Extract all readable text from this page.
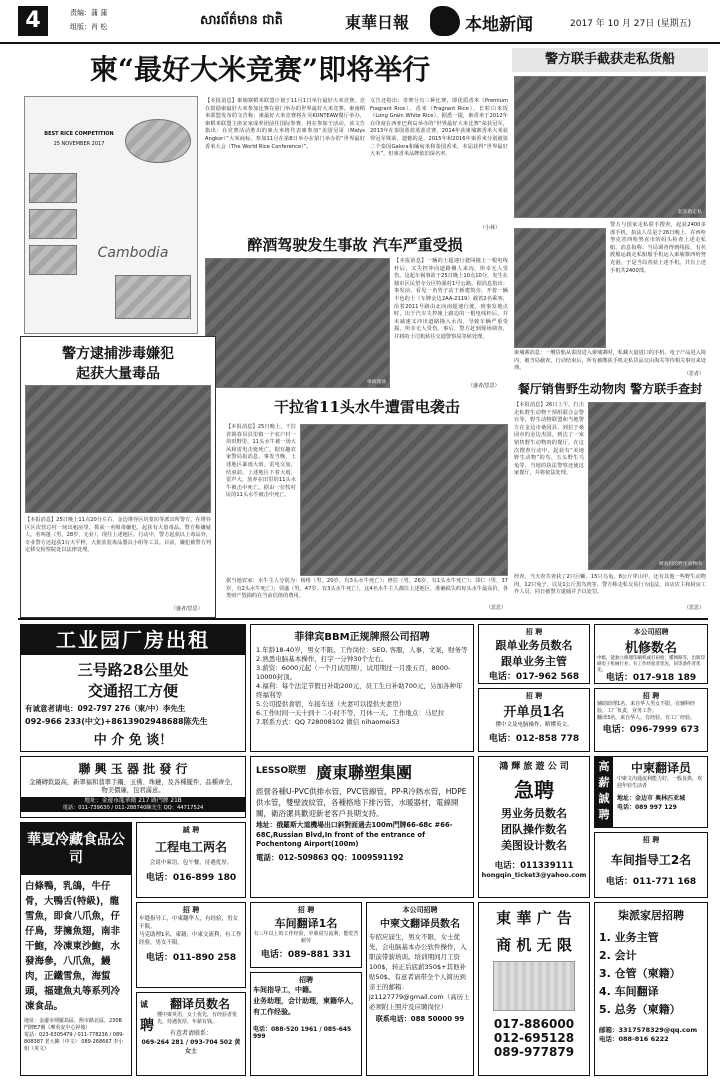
4	责编：蒲 蒲
组版：肖 松	សារព័ត៌មាន ជាតិ	東華日報	本地新闻	2017 年 10 月 27日 (星期五)
柬“最好大米竞赛”即将举行
BEST RICE COMPETITION
25 NOVEMBER 2017
Cambodia
【本报消息】柬埔寨稻米联盟计划于11月1日举行最好大米竞赛。竞在鼓励柬最好大米参加比赛在第门举办的世界最好大米竞赛。柬南稻米联盟发布的文告称：柬最好大米竞赛将在吴KUNTEAW餐厅举办，柬稻米联盟主席宋家成率团前往国际参赛，将在参加于活动。该文告指出：在竞赛活动胜出的柬大米将代表柬参加“美国吴哥（Malys Angkor）”大米商标，参加11月在第8日举办在第门举办的“世界最好香米大会（The World Rice Conference）”。
文告还指出：奇赛分有三种比赛，即优质香米（Premium Fragrant Rice）、香米（Fragrant Rice）、长粒白米饭（Long Grain White Rice）。据悉一提，柬香米于2012年在印度在西亚巴利岛举办的“世界最好大米比赛”荣获冠军，2013年在泰国蓝蓝蓝蓝竞赛，2014年获柬埔寨香米大米获得冠军殊荣。遗憾的是，2015年和2016年柬香米分别被第二个泰国Galora和缅甸米和泰国香米，本届获得“世界最好大米”，但柬香米品牌依旧深名率。
（小林）
醉酒驾驶发生事故 汽车严重受损
事故现场
【本报消息】一辆的士超速行驶闯撞上一根电线杆后，又失控冲向道路侧人来沟，所幸无人受伤。这起车祸事故于25日晚上10点10分，发生在独市区民望寺分区特强村1号公路。据消息指出：事发前，看见一名男子站于新建筑旁，开着一辆丰色的士（车牌金边2AA-2119）载着2名乘客，沿着2011号路由北向南超速行驶，到事发地点时，出于汽车失控撞上路边的一根电线杆后，并未减速又冲出道路撞入水沟，导致车辆严重受损，所幸无人受伤。事后，警方赶到现场调查，并将的士司机转往交通警察局等候处理。
（盛者/思思）
警方联手截获走私货船
起获的走私
警方与国家走私联手搜查，起获2400多部手机。执法人员是于26日晚上，在西哈努克省西哈努克市的码头检查上述走私船。消息指称：当局调查得到线报，有名渡船运载走私船船手机运入柬埔寨西哈努克港，于是当局查获上述手机。共有上述手机共2400部。
柬埔寨消息：一艘货船从泰国进入柬埔寨时，私藏大量进口的手机、电子产品进入境内，被当局截查。行动结束后，所有被缴获手机走私货品交由海关等待相关事宜来处理。
（思者）
警方逮捕涉毒嫌犯
起获大量毒品
【本报消息】25日晚上11点20分左右，金边堆谷区坊蒙坊等派出所警方，在堆谷区区次营总村一间出租房里，抓获一名吸毒嫌犯，起获有大量毒品。警方称嫌疑人，名叫蓬（男，28岁，无业），现住上述地区。行动中，警方起获以上毒品外，专业警方还起获1台天平秤，大批装装毒品器具小组等工具。目前，嫌犯被警方判定移交检察院处以法律处理。
（盛者/思思）
干拉省11头水牛遭雷电袭击
【本报消息】25日晚上，干拉省锡春县县里镇一个农户村一块田野里，11头水牛被一场大风和雷电击毙死亡。据有趣农家警局报消息，事发当晚，上述地区暴雨大雨，雷电交加，结束前，上述地区下着大雨，雷声大，放养在田里的11头水牛被击中死亡。据由一位牧村民的11头水牛被击中死亡。
据当地农家：水牛主人分别为：杨格（男，20岁，有3头水牛死亡）；修拉（男，26岁，有1头水牛死亡）；邻仁（男，37岁，有2头水牛死亡）；邻盛（男，47岁，有3头水牛死亡），这4名水牛主人都住上述地区，准确损失约每头水牛最高价，各类财产毁损约在当前估值的费用。
（思思）
餐厅销售野生动物肉 警方联手查封
【本报消息】26日上午，打击走私野生动物干预组联合会警官等，野生动物联盟和当地警方在金边市桑园县，到拉于桑园市的金边杰国，到达了一家销售野生动物肉的餐厅。在这次搜查行动中，起获有“美地野生动物”的鸟、五头野生乌龟等，当地的执法警察还使这家餐厅，并将依法处理。
被查封的野生动物肉
经查，当天查共查获了2只巨蜥，15只乌龟，8公斤穿山甲，还有其他一些野生动物肉，12只兔子，以及1公斤黑鸟肉等。警方称走私交易行为违法，该店店主和厨房工作人员，同日被警方逮捕并予以处罚。
（思思）
工业园厂房出租
三号路28公里处
交通招工方便
有诚意者请电：092-797 276（柬/中）李先生
092-966 233(中文)+8613902948688陈先生
中 介 免 谈！
菲律宾BBM正规牌照公司招聘
1.年龄18-40岁，男女不限。工作岗位：SEO, 客服，人事，文案，财务等
2.熟悉电脑基本操作，打字一分钟30个左右。
3.薪资：6000元起（一个月试用期），试用期过一月涨五百，8000-10000封顶。
4.福利：每个法定节假日补助200元，员工生日补助700元，另加各种年终福利等
5.公司提供食宿，车接车送（夫妻可以提供夫妻房）
6.工作时间一天十到十二小时不等，月休一天。工作地点：马尼拉
7.联系方式：QQ 728008102 微信 nihaomei53
招 聘
跟单业务员数名
跟单业务主管
电话：017-962 568
本公司招聘
机修数名
中级，能独立修理印刷机或打码枪，懂网路等，出版印刷电子机械行业，有工作经验者优先，同等条件者优先。
电话：017-918 189
招 聘
开单员1名
懂中文及电脑操作，略懂英文。
电话：012-858 778
招 聘
辅助助理1名，来自华人男女不限，有辅料经验，工厂负责，业务工作。
翻译3名，来自华人，有经验、有工厂经验。
电话：096-7999 673
聯 興 玉 器 批 發 行
金鑲磚欽最高，新翠福和翡翠手鐲、玉佛、珠鏈，及各種擺件，品種齊全，物美價廉，包君滿意。
地址：金邊市龍華衛 217 路門牌 21B
電話：011-739630 / 011-288740陳先生 QQ：44717524
LESSO联塑 廣東聯塑集團
經營各種U-PVC供排水管，PVC管線管，PP-R冷熱水管，HDPE供水管，雙壁波紋管，各種格地下排污管，水暖器材，電線開關，衛浴潔具歡迎新老客戶長期支持。
地址：俄羅斯大道機場出口斜對面過去100m門牌66-68c #66-68C,Russian Blvd,In front of the entrance of Pochentong Airport(100m)
電話：012-509863 QQ：1009591192
鴻 輝 旅 遊 公 司
急聘
男业务员数名
团队操作数名
美图设计数名
电话：011339111
hongqin_ticket3@yahoo.com
高薪誠聘
中柬翻译员
中柬文沟通流利能力好，一般良典，欢迎年轻生活者
地址：金边市 奥林匹亚城
电话：089 997 129
招 聘
车间指导工2名
电话：011-771 168
華夏冷藏食品公司
白條鴨，乳鴿，牛仔骨，大鴨舌(特級)，龍雪魚，即食八爪魚，仔仔鳥，芽擁魚翅，南非干鮑，冷凍東沙鮑，水發海參，八爪魚，鰻肉，正鐵雪魚，海蜇頭，福建魚丸等系列冷凍食品。
地址：金邊市朔羅島區，熙市路北區，230B 門牌E7號（摩英安中心停後）
電話：023-6305479 / 011-778236 / 089-808387 老大陳（中文） 089-268667 李小姐（英文）
誠 聘
工程电工两名
会说中柬语，包午餐，待遇优厚。
电话：016-899 180
招 聘
车缝指导工，中柬翻华人，有经验，男女不限。
马克助理1名，柬籍，中柬文流利，有工作经验，男女不限。
电话：011-890 258
招 聘
车间翻译1名
有三年以上的工作经验，中柬说写流利，能吃苦耐劳
电话：089-881 331
本公司招聘
中柬文翻译员数名
专招应届生，男女不限，女士优先，会电脑基本办公软件操作，入职前带薪培训。培训期间月工资100$，转正后底薪350$+其他补贴50$。有意者请带全个人简历到亲王的邮箱：jz1127779@gmail.com（高历上必须附上照片及应聘岗位）
联系电话：088 50000 99
東 華 广 告
商 机 无 限
017-886000
012-695128
089-977879
柒派家居招聘
1. 业务主管
2. 会计
3. 仓管（柬籍）
4. 车间翻译
5. 总务（柬籍）
邮箱：3317578329@qq.com
电话：088-816 6222
诚
聘
翻译员数名
懂中柬英语，女士优先，有经验者优先，待遇优厚，年薪有钱。
有意者请联系：
069-264 281 / 093-704 502 黄女士
招聘
车间指导工，中籍。
业务助理，会计助理，柬籍华人，有工作经验。
电话：088-520 1961 / 085-645 999
